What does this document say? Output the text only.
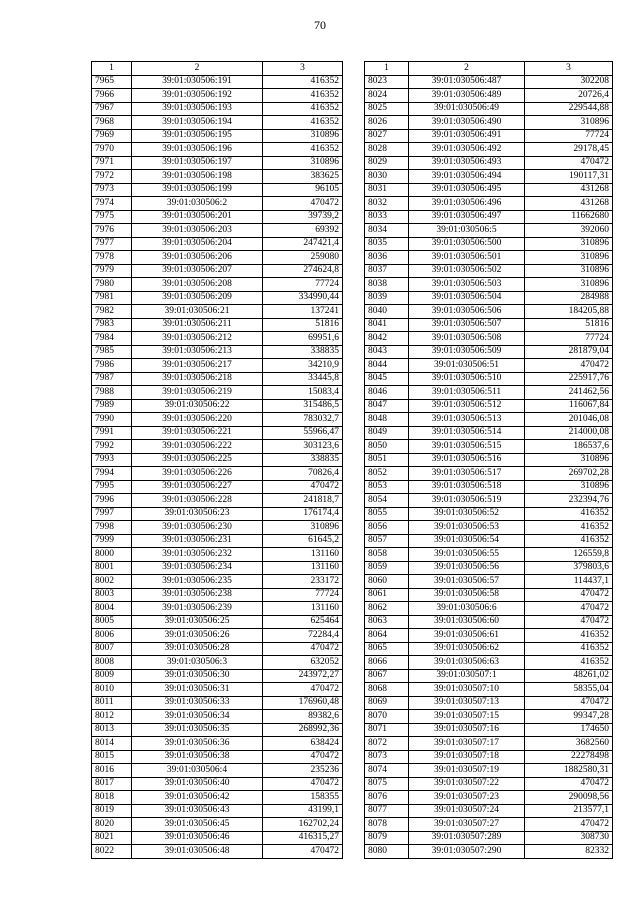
70
1	2	3
7965	39:01:030506:191	416352
7966	39:01:030506:192	416352
7967	39:01:030506:193	416352
7968	39:01:030506:194	416352
7969	39:01:030506:195	310896
7970	39:01:030506:196	416352
7971	39:01:030506:197	310896
7972	39:01:030506:198	383625
7973	39:01:030506:199	96105
7974	39:01:030506:2	470472
7975	39:01:030506:201	39739,2
7976	39:01:030506:203	69392
7977	39:01:030506:204	247421,4
7978	39:01:030506:206	259080
7979	39:01:030506:207	274624,8
7980	39:01:030506:208	77724
7981	39:01:030506:209	334990,44
7982	39:01:030506:21	137241
7983	39:01:030506:211	51816
7984	39:01:030506:212	69951,6
7985	39:01:030506:213	338835
7986	39:01:030506:217	34210,9
7987	39:01:030506:218	33445,8
7988	39:01:030506:219	15083,4
7989	39:01:030506:22	315486,5
7990	39:01:030506:220	783032,7
7991	39:01:030506:221	55966,47
7992	39:01:030506:222	303123,6
7993	39:01:030506:225	338835
7994	39:01:030506:226	70826,4
7995	39:01:030506:227	470472
7996	39:01:030506:228	241818,7
7997	39:01:030506:23	176174,4
7998	39:01:030506:230	310896
7999	39:01:030506:231	61645,2
8000	39:01:030506:232	131160
8001	39:01:030506:234	131160
8002	39:01:030506:235	233172
8003	39:01:030506:238	77724
8004	39:01:030506:239	131160
8005	39:01:030506:25	625464
8006	39:01:030506:26	72284,4
8007	39:01:030506:28	470472
8008	39:01:030506:3	632052
8009	39:01:030506:30	243972,27
8010	39:01:030506:31	470472
8011	39:01:030506:33	176960,48
8012	39:01:030506:34	89382,6
8013	39:01:030506:35	268992,36
8014	39:01:030506:36	638424
8015	39:01:030506:38	470472
8016	39:01:030506:4	235236
8017	39:01:030506:40	470472
8018	39:01:030506:42	158355
8019	39:01:030506:43	43199,1
8020	39:01:030506:45	162702,24
8021	39:01:030506:46	416315,27
8022	39:01:030506:48	470472
1	2	3
8023	39:01:030506:487	302208
8024	39:01:030506:489	20726,4
8025	39:01:030506:49	229544,88
8026	39:01:030506:490	310896
8027	39:01:030506:491	77724
8028	39:01:030506:492	29178,45
8029	39:01:030506:493	470472
8030	39:01:030506:494	190117,31
8031	39:01:030506:495	431268
8032	39:01:030506:496	431268
8033	39:01:030506:497	11662680
8034	39:01:030506:5	392060
8035	39:01:030506:500	310896
8036	39:01:030506:501	310896
8037	39:01:030506:502	310896
8038	39:01:030506:503	310896
8039	39:01:030506:504	284988
8040	39:01:030506:506	184205,88
8041	39:01:030506:507	51816
8042	39:01:030506:508	77724
8043	39:01:030506:509	281879,04
8044	39:01:030506:51	470472
8045	39:01:030506:510	225917,76
8046	39:01:030506:511	241462,56
8047	39:01:030506:512	116067,84
8048	39:01:030506:513	201046,08
8049	39:01:030506:514	214000,08
8050	39:01:030506:515	186537,6
8051	39:01:030506:516	310896
8052	39:01:030506:517	269702,28
8053	39:01:030506:518	310896
8054	39:01:030506:519	232394,76
8055	39:01:030506:52	416352
8056	39:01:030506:53	416352
8057	39:01:030506:54	416352
8058	39:01:030506:55	126559,8
8059	39:01:030506:56	379803,6
8060	39:01:030506:57	114437,1
8061	39:01:030506:58	470472
8062	39:01:030506:6	470472
8063	39:01:030506:60	470472
8064	39:01:030506:61	416352
8065	39:01:030506:62	416352
8066	39:01:030506:63	416352
8067	39:01:030507:1	48261,02
8068	39:01:030507:10	58355,04
8069	39:01:030507:13	470472
8070	39:01:030507:15	99347,28
8071	39:01:030507:16	174650
8072	39:01:030507:17	3682560
8073	39:01:030507:18	22278498
8074	39:01:030507:19	1882580,31
8075	39:01:030507:22	470472
8076	39:01:030507:23	290098,56
8077	39:01:030507:24	213577,1
8078	39:01:030507:27	470472
8079	39:01:030507:289	308730
8080	39:01:030507:290	82332
